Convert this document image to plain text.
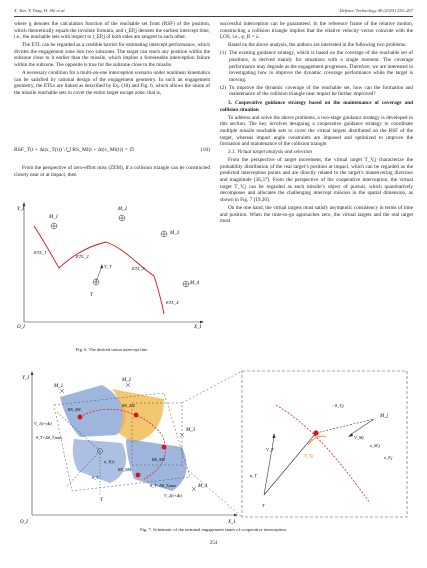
X. Yan, Y. Tang, H. Shi et al.	Defence Technology 48 (2025) 250–267

where g denotes the calculation function of the reachable set front (RSF) of the position, which theoretically equals the involute formula, and t_EP,j denotes the earliest intercept time, i.e., the reachable sets with respect to t_EP,j of both sides are tangent to each other.

The ETL can be regarded as a credible barrier for estimating intercept performance, which divides the engagement zone into two subzones. The target can reach any position within the subzone close to it earlier than the missile, which implies a foreseeable interception failure within the subzone. The opposite is true for the subzone close to the missile.

A necessary condition for a multi-on-one interception scenario under nonlinear kinematics can be satisfied by rational design of the engagement geometry. In such an engagement geometry, the ETLs are linked as described by Eq. (10) and Fig. 6, which allows the union of the missile reachable sets to cover the entire target escape zone, that is,

RSF_T(t + Δt|x_T(t)) \ ⋃ RS_Mi(t + Δt|x_Mi(t)) = ∅	(10)

From the perspective of zero-effort miss (ZEM), if a collision triangle can be constructed closely near or at impact, then

successful interception can be guaranteed. In the reference frame of the relative motion, constructing a collision triangle implies that the relative velocity vector coincide with the LOS, i.e., φ_R = λ.

Based on the above analysis, the authors are interested in the following two problems:

(1) The existing guidance strategy, which is based on the coverage of the reachable set of positions, is derived mainly for situations with a single moment. The coverage performance may degrade as the engagement progresses. Therefore, we are interested in investigating how to improve the dynamic coverage performance while the target is moving.
(2) To improve the dynamic coverage of the reachable set, how can the formation and maintenance of the collision triangle near impact be further improved?

3. Cooperative guidance strategy based on the maintenance of coverage and collision situation

To address and solve the above problems, a two-stage guidance strategy is developed in this section. The key involves designing a cooperative guidance strategy to coordinate multiple missile reachable sets to cover the virtual targets distributed on the RSF of the target, whereas impact angle constraints are imposed and optimized to improve the formation and maintenance of the collision triangle.

3.1. Virtual target analysis and selection

From the perspective of target movement, the virtual target T_V,j characterize the probability distribution of the real target’s position at impact, which can be regarded as the predicted interception points and are directly related to the target’s maneuvering direction and magnitude [36,37]. From the perspective of the cooperative interception, the virtual target T_V,j can be regarded as each missile’s object of pursuit, which quantitatively decomposes and allocates the challenging intercept mission in the spatial dimension, as shown in Fig. 7 [19,20].

On the one hand, the virtual targets must satisfy asymptotic consistency in terms of time and position. When the time-to-go approaches zero, the virtual targets and the real target must

Y_I
X_I
O_I
M_1
M_2
M_3
M_4
T
V_T
ETL_1
ETL_2
ETL_3
ETL_4
Fig. 6. The desired union intercept line.
Y_I
X_I
O_I
M_1
M_2
M_3
M_4
T
RS_M1
RS_M2
RS_M3
RS_M4
V_1(t+Δt)
θ_T+Δθ_T,max
θ_T−Δθ_T,max
V_2(t+Δt)
a_T(t)
θ_T
T_V,j
M_j
V_Mj
−θ_V,j
σ_M,j
σ_F,j
V_T
T
a_T
Fig. 7. Schematic of the terminal engagement states of cooperative interception.
254
